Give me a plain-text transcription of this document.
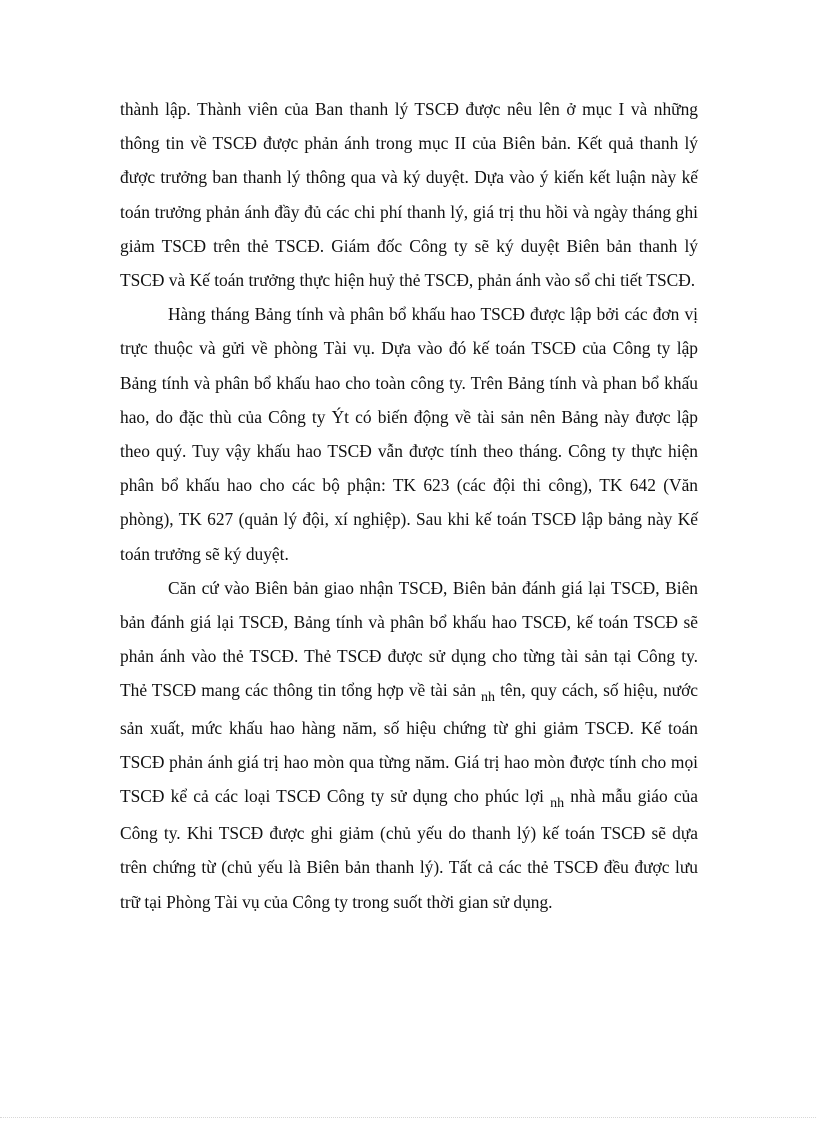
thành lập. Thành viên của Ban thanh lý TSCĐ được nêu lên ở mục I và những thông tin về TSCĐ được phản ánh trong mục II của Biên bản. Kết quả thanh lý được trưởng ban thanh lý thông qua và ký duyệt. Dựa vào ý kiến kết luận này kế toán trưởng phản ánh đầy đủ các chi phí thanh lý, giá trị thu hồi và ngày tháng ghi giảm TSCĐ trên thẻ TSCĐ. Giám đốc Công ty sẽ ký duyệt Biên bản thanh lý TSCĐ và Kế toán trưởng thực hiện huỷ thẻ TSCĐ, phản ánh vào sổ chi tiết TSCĐ.

Hàng tháng Bảng tính và phân bổ khấu hao TSCĐ được lập bởi các đơn vị trực thuộc và gửi về phòng Tài vụ. Dựa vào đó kế toán TSCĐ của Công ty lập Bảng tính và phân bổ khấu hao cho toàn công ty. Trên Bảng tính và phan bổ khấu hao, do đặc thù của Công ty Ýt có biến động về tài sản nên Bảng này được lập theo quý. Tuy vậy khấu hao TSCĐ vẫn được tính theo tháng. Công ty thực hiện phân bổ khấu hao cho các bộ phận: TK 623 (các đội thi công), TK 642 (Văn phòng), TK 627 (quản lý đội, xí nghiệp). Sau khi kế toán TSCĐ lập bảng này Kế toán trưởng sẽ ký duyệt.

Căn cứ vào Biên bản giao nhận TSCĐ, Biên bản đánh giá lại TSCĐ, Biên bản đánh giá lại TSCĐ, Bảng tính và phân bổ khấu hao TSCĐ, kế toán TSCĐ sẽ phản ánh vào thẻ TSCĐ. Thẻ TSCĐ được sử dụng cho từng tài sản tại Công ty. Thẻ TSCĐ mang các thông tin tổng hợp về tài sản $_{nh}$ tên, quy cách, số hiệu, nước sản xuất, mức khấu hao hàng năm, số hiệu chứng từ ghi giảm TSCĐ. Kế toán TSCĐ phản ánh giá trị hao mòn qua từng năm. Giá trị hao mòn được tính cho mọi TSCĐ kể cả các loại TSCĐ Công ty sử dụng cho phúc lợi $_{nh}$ nhà mẫu giáo của Công ty. Khi TSCĐ được ghi giảm (chủ yếu do thanh lý) kế toán TSCĐ sẽ dựa trên chứng từ (chủ yếu là Biên bản thanh lý). Tất cả các thẻ TSCĐ đều được lưu trữ tại Phòng Tài vụ của Công ty trong suốt thời gian sử dụng.
